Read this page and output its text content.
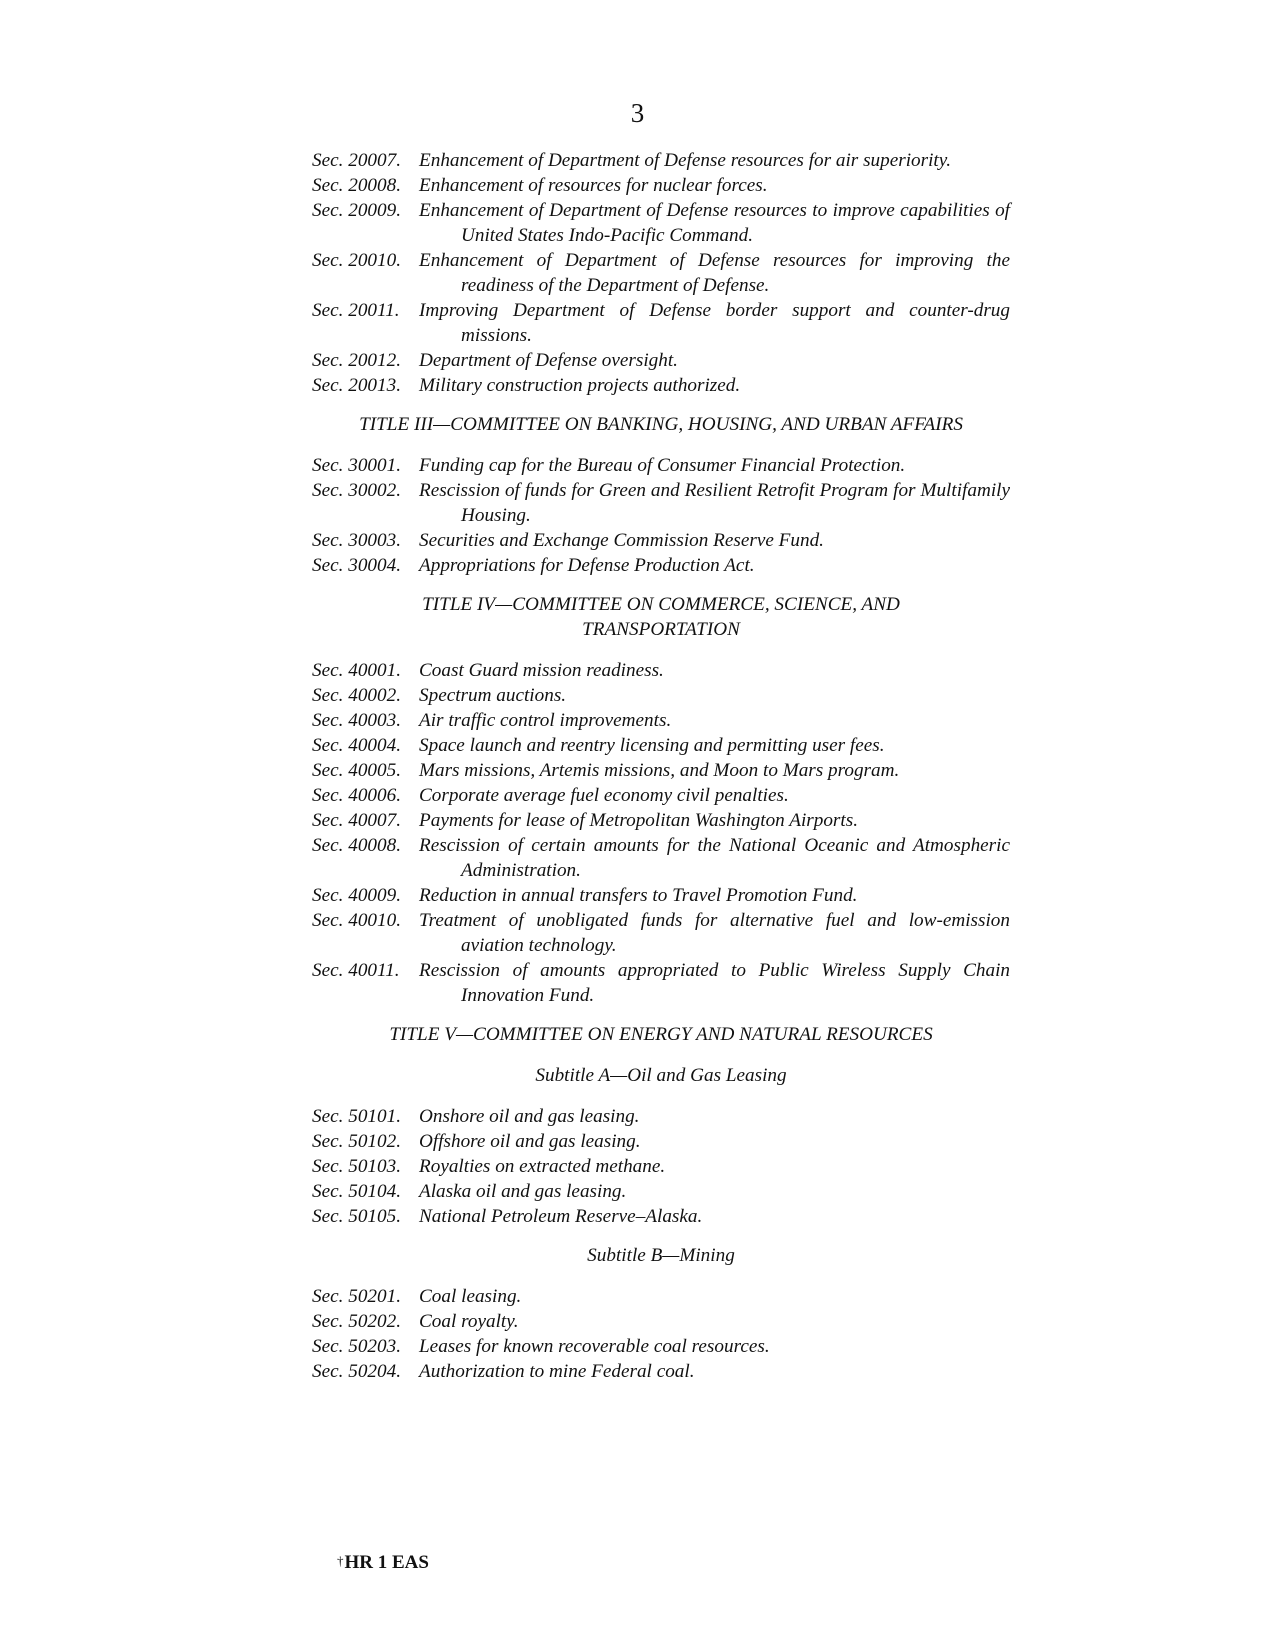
3
Sec. 20007. Enhancement of Department of Defense resources for air superiority.
Sec. 20008. Enhancement of resources for nuclear forces.
Sec. 20009. Enhancement of Department of Defense resources to improve capabilities of United States Indo-Pacific Command.
Sec. 20010. Enhancement of Department of Defense resources for improving the readiness of the Department of Defense.
Sec. 20011.	Improving Department of Defense border support and counter-drug missions.
Sec. 20012. Department of Defense oversight.
Sec. 20013. Military construction projects authorized.
TITLE III—COMMITTEE ON BANKING, HOUSING, AND URBAN AFFAIRS
Sec. 30001. Funding cap for the Bureau of Consumer Financial Protection.
Sec. 30002. Rescission of funds for Green and Resilient Retrofit Program for Multifamily Housing.
Sec. 30003. Securities and Exchange Commission Reserve Fund.
Sec. 30004. Appropriations for Defense Production Act.
TITLE IV—COMMITTEE ON COMMERCE, SCIENCE, AND TRANSPORTATION
Sec. 40001. Coast Guard mission readiness.
Sec. 40002. Spectrum auctions.
Sec. 40003. Air traffic control improvements.
Sec. 40004. Space launch and reentry licensing and permitting user fees.
Sec. 40005. Mars missions, Artemis missions, and Moon to Mars program.
Sec. 40006. Corporate average fuel economy civil penalties.
Sec. 40007. Payments for lease of Metropolitan Washington Airports.
Sec. 40008. Rescission of certain amounts for the National Oceanic and Atmospheric Administration.
Sec. 40009. Reduction in annual transfers to Travel Promotion Fund.
Sec. 40010. Treatment of unobligated funds for alternative fuel and low-emission aviation technology.
Sec. 40011.	Rescission of amounts appropriated to Public Wireless Supply Chain Innovation Fund.
TITLE V—COMMITTEE ON ENERGY AND NATURAL RESOURCES
Subtitle A—Oil and Gas Leasing
Sec. 50101. Onshore oil and gas leasing.
Sec. 50102. Offshore oil and gas leasing.
Sec. 50103. Royalties on extracted methane.
Sec. 50104. Alaska oil and gas leasing.
Sec. 50105. National Petroleum Reserve–Alaska.
Subtitle B—Mining
Sec. 50201. Coal leasing.
Sec. 50202. Coal royalty.
Sec. 50203. Leases for known recoverable coal resources.
Sec. 50204. Authorization to mine Federal coal.
†HR 1 EAS
